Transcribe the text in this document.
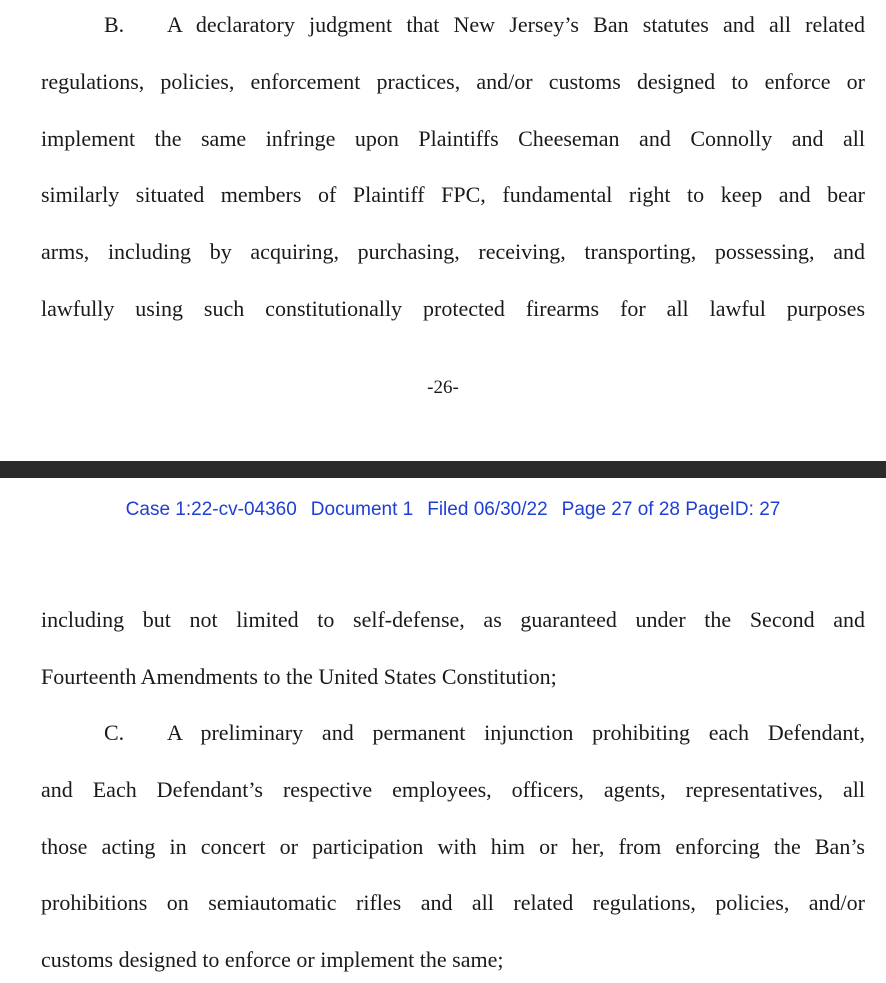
B. A declaratory judgment that New Jersey’s Ban statutes and all related
regulations, policies, enforcement practices, and/or customs designed to enforce or
implement the same infringe upon Plaintiffs Cheeseman and Connolly and all
similarly situated members of Plaintiff FPC, fundamental right to keep and bear
arms, including by acquiring, purchasing, receiving, transporting, possessing, and
lawfully using such constitutionally protected firearms for all lawful purposes
-26-
Case 1:22-cv-04360 Document 1 Filed 06/30/22 Page 27 of 28 PageID: 27
including but not limited to self-defense, as guaranteed under the Second and
Fourteenth Amendments to the United States Constitution;
C. A preliminary and permanent injunction prohibiting each Defendant,
and Each Defendant’s respective employees, officers, agents, representatives, all
those acting in concert or participation with him or her, from enforcing the Ban’s
prohibitions on semiautomatic rifles and all related regulations, policies, and/or
customs designed to enforce or implement the same;
